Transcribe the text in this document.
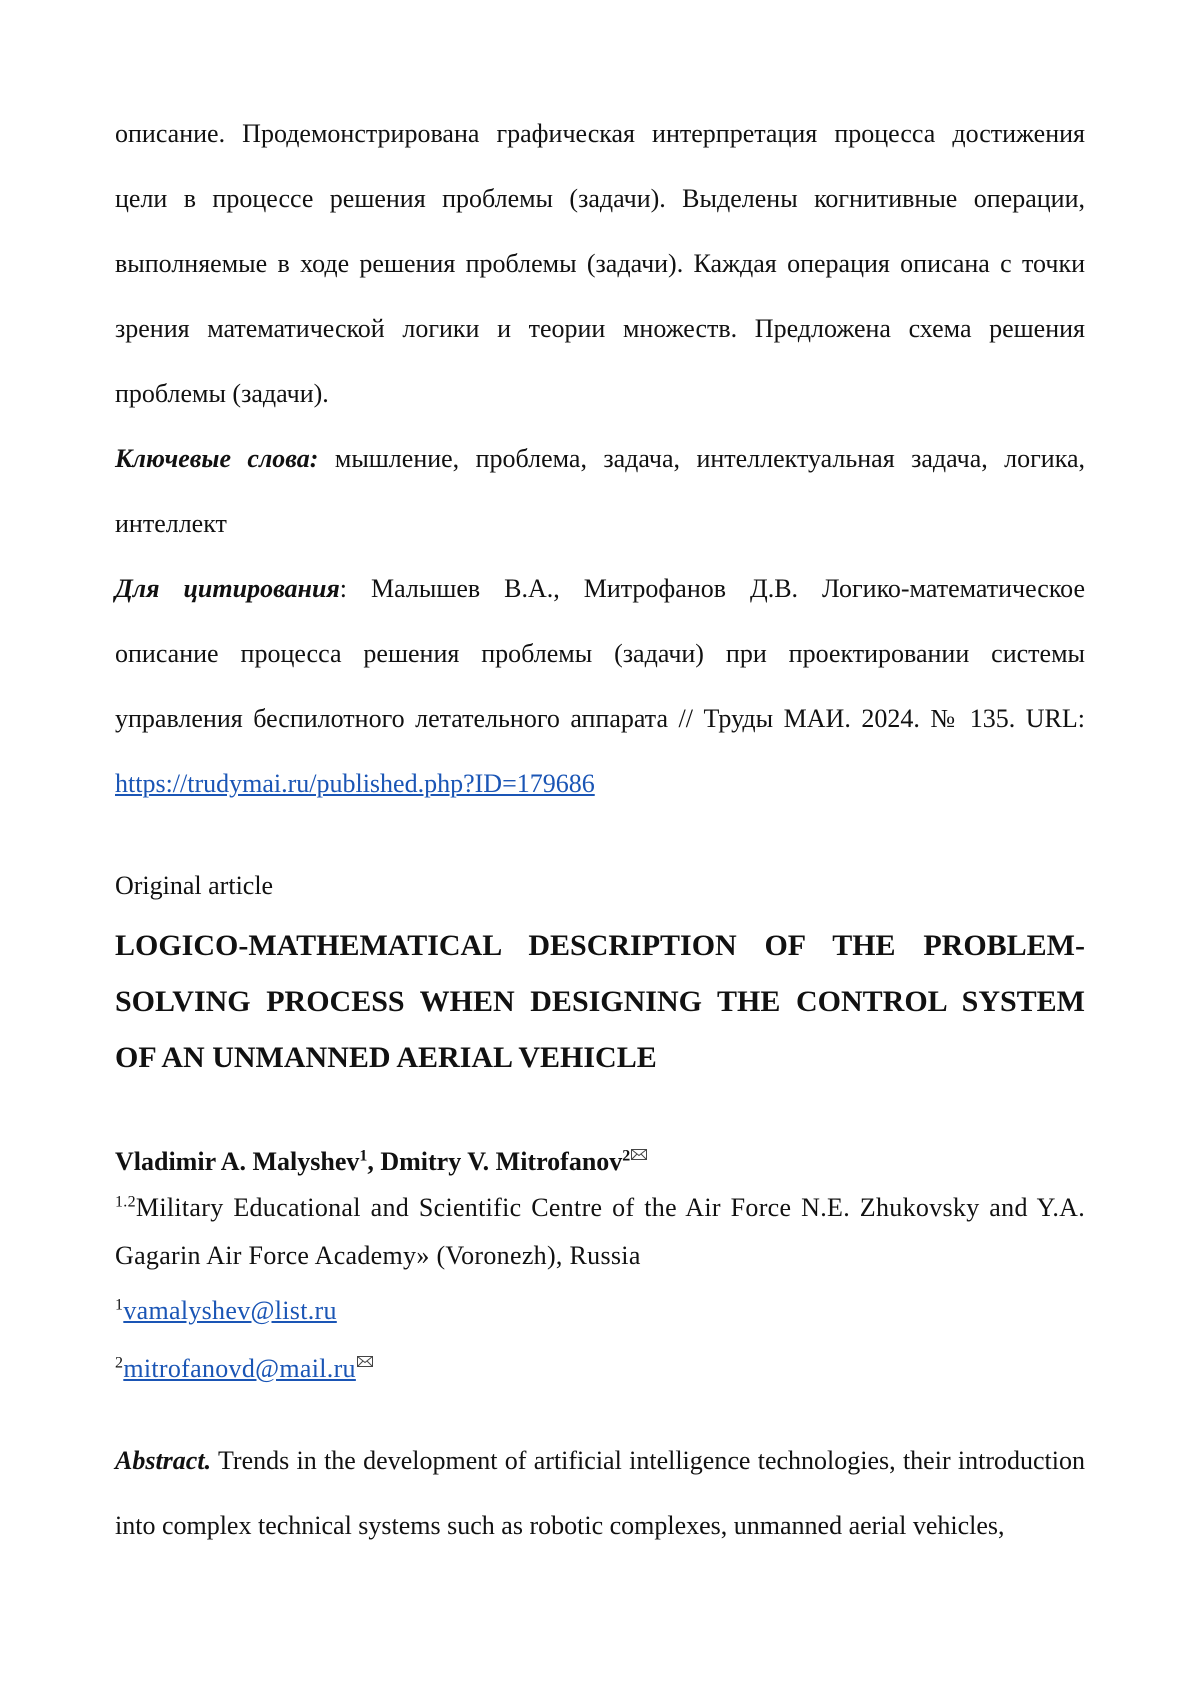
описание. Продемонстрирована графическая интерпретация процесса достижения цели в процессе решения проблемы (задачи). Выделены когнитивные операции, выполняемые в ходе решения проблемы (задачи). Каждая операция описана с точки зрения математической логики и теории множеств. Предложена схема решения проблемы (задачи).

Ключевые слова: мышление, проблема, задача, интеллектуальная задача, логика, интеллект

Для цитирования: Малышев В.А., Митрофанов Д.В. Логико-математическое описание процесса решения проблемы (задачи) при проектировании системы управления беспилотного летательного аппарата // Труды МАИ. 2024. № 135. URL: https://trudymai.ru/published.php?ID=179686

Original article

LOGICO-MATHEMATICAL DESCRIPTION OF THE PROBLEM-SOLVING PROCESS WHEN DESIGNING THE CONTROL SYSTEM OF AN UNMANNED AERIAL VEHICLE

Vladimir A. Malyshev$^1$, Dmitry V. Mitrofanov$^2$

$^{1.2}$Military Educational and Scientific Centre of the Air Force N.E. Zhukovsky and Y.A. Gagarin Air Force Academy» (Voronezh), Russia

$^1$vamalyshev@list.ru

$^2$mitrofanovd@mail.ru

Abstract. Trends in the development of artificial intelligence technologies, their introduction into complex technical systems such as robotic complexes, unmanned aerial vehicles,
